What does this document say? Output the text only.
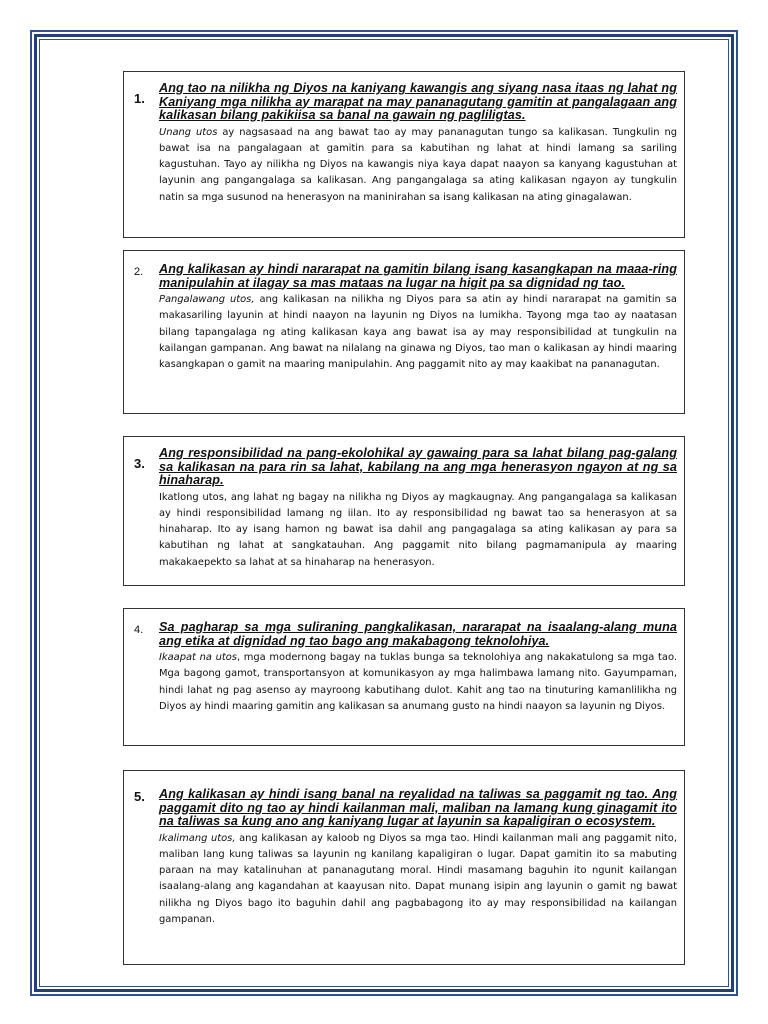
1.

Ang tao na nilikha ng Diyos na kaniyang kawangis ang siyang nasa itaas ng lahat ng Kaniyang mga nilikha ay marapat na may pananagutang gamitin at pangalagaan ang kalikasan bilang pakikiisa sa banal na gawain ng pagliligtas.

Unang utos ay nagsasaad na ang bawat tao ay may pananagutan tungo sa kalikasan. Tungkulin ng bawat isa na pangalagaan at gamitin para sa kabutihan ng lahat at hindi lamang sa sariling kagustuhan. Tayo ay nilikha ng Diyos na kawangis niya kaya dapat naayon sa kanyang kagustuhan at layunin ang pangangalaga sa kalikasan. Ang pangangalaga sa ating kalikasan ngayon ay tungkulin natin sa mga susunod na henerasyon na maninirahan sa isang kalikasan na ating ginagalawan.

2. Ang kalikasan ay hindi nararapat na gamitin bilang isang kasangkapan na maaa-ring manipulahin at ilagay sa mas mataas na lugar na higit pa sa dignidad ng tao.

Pangalawang utos, ang kalikasan na nilikha ng Diyos para sa atin ay hindi nararapat na gamitin sa makasariling layunin at hindi naayon na layunin ng Diyos na lumikha. Tayong mga tao ay naatasan bilang tapangalaga ng ating kalikasan kaya ang bawat isa ay may responsibilidad at tungkulin na kailangan gampanan. Ang bawat na nilalang na ginawa ng Diyos, tao man o kalikasan ay hindi maaring kasangkapan o gamit na maaring manipulahin. Ang paggamit nito ay may kaakibat na pananagutan.

3.

Ang responsibilidad na pang-ekolohikal ay gawaing para sa lahat bilang pag-galang sa kalikasan na para rin sa lahat, kabilang na ang mga henerasyon ngayon at ng sa hinaharap.

Ikatlong utos, ang lahat ng bagay na nilikha ng Diyos ay magkaugnay. Ang pangangalaga sa kalikasan ay hindi responsibilidad lamang ng iilan. Ito ay responsibilidad ng bawat tao sa henerasyon at sa hinaharap. Ito ay isang hamon ng bawat isa dahil ang pangagalaga sa ating kalikasan ay para sa kabutihan ng lahat at sangkatauhan. Ang paggamit nito bilang pagmamanipula ay maaring makakaepekto sa lahat at sa hinaharap na henerasyon.

4. Sa pagharap sa mga suliraning pangkalikasan, nararapat na isaalang-alang muna ang etika at dignidad ng tao bago ang makabagong teknolohiya.

Ikaapat na utos, mga modernong bagay na tuklas bunga sa teknolohiya ang nakakatulong sa mga tao. Mga bagong gamot, transportansyon at komunikasyon ay mga halimbawa lamang nito. Gayumpaman, hindi lahat ng pag asenso ay mayroong kabutihang dulot. Kahit ang tao na tinuturing kamanlilikha ng Diyos ay hindi maaring gamitin ang kalikasan sa anumang gusto na hindi naayon sa layunin ng Diyos.

5. Ang kalikasan ay hindi isang banal na reyalidad na taliwas sa paggamit ng tao. Ang paggamit dito ng tao ay hindi kailanman mali, maliban na lamang kung ginagamit ito na taliwas sa kung ano ang kaniyang lugar at layunin sa kapaligiran o ecosystem.

Ikalimang utos, ang kalikasan ay kaloob ng Diyos sa mga tao. Hindi kailanman mali ang paggamit nito, maliban lang kung taliwas sa layunin ng kanilang kapaligiran o lugar. Dapat gamitin ito sa mabuting paraan na may katalinuhan at pananagutang moral. Hindi masamang baguhin ito ngunit kailangan isaalang-alang ang kagandahan at kaayusan nito. Dapat munang isipin ang layunin o gamit ng bawat nilikha ng Diyos bago ito baguhin dahil ang pagbabagong ito ay may responsibilidad na kailangan gampanan.
